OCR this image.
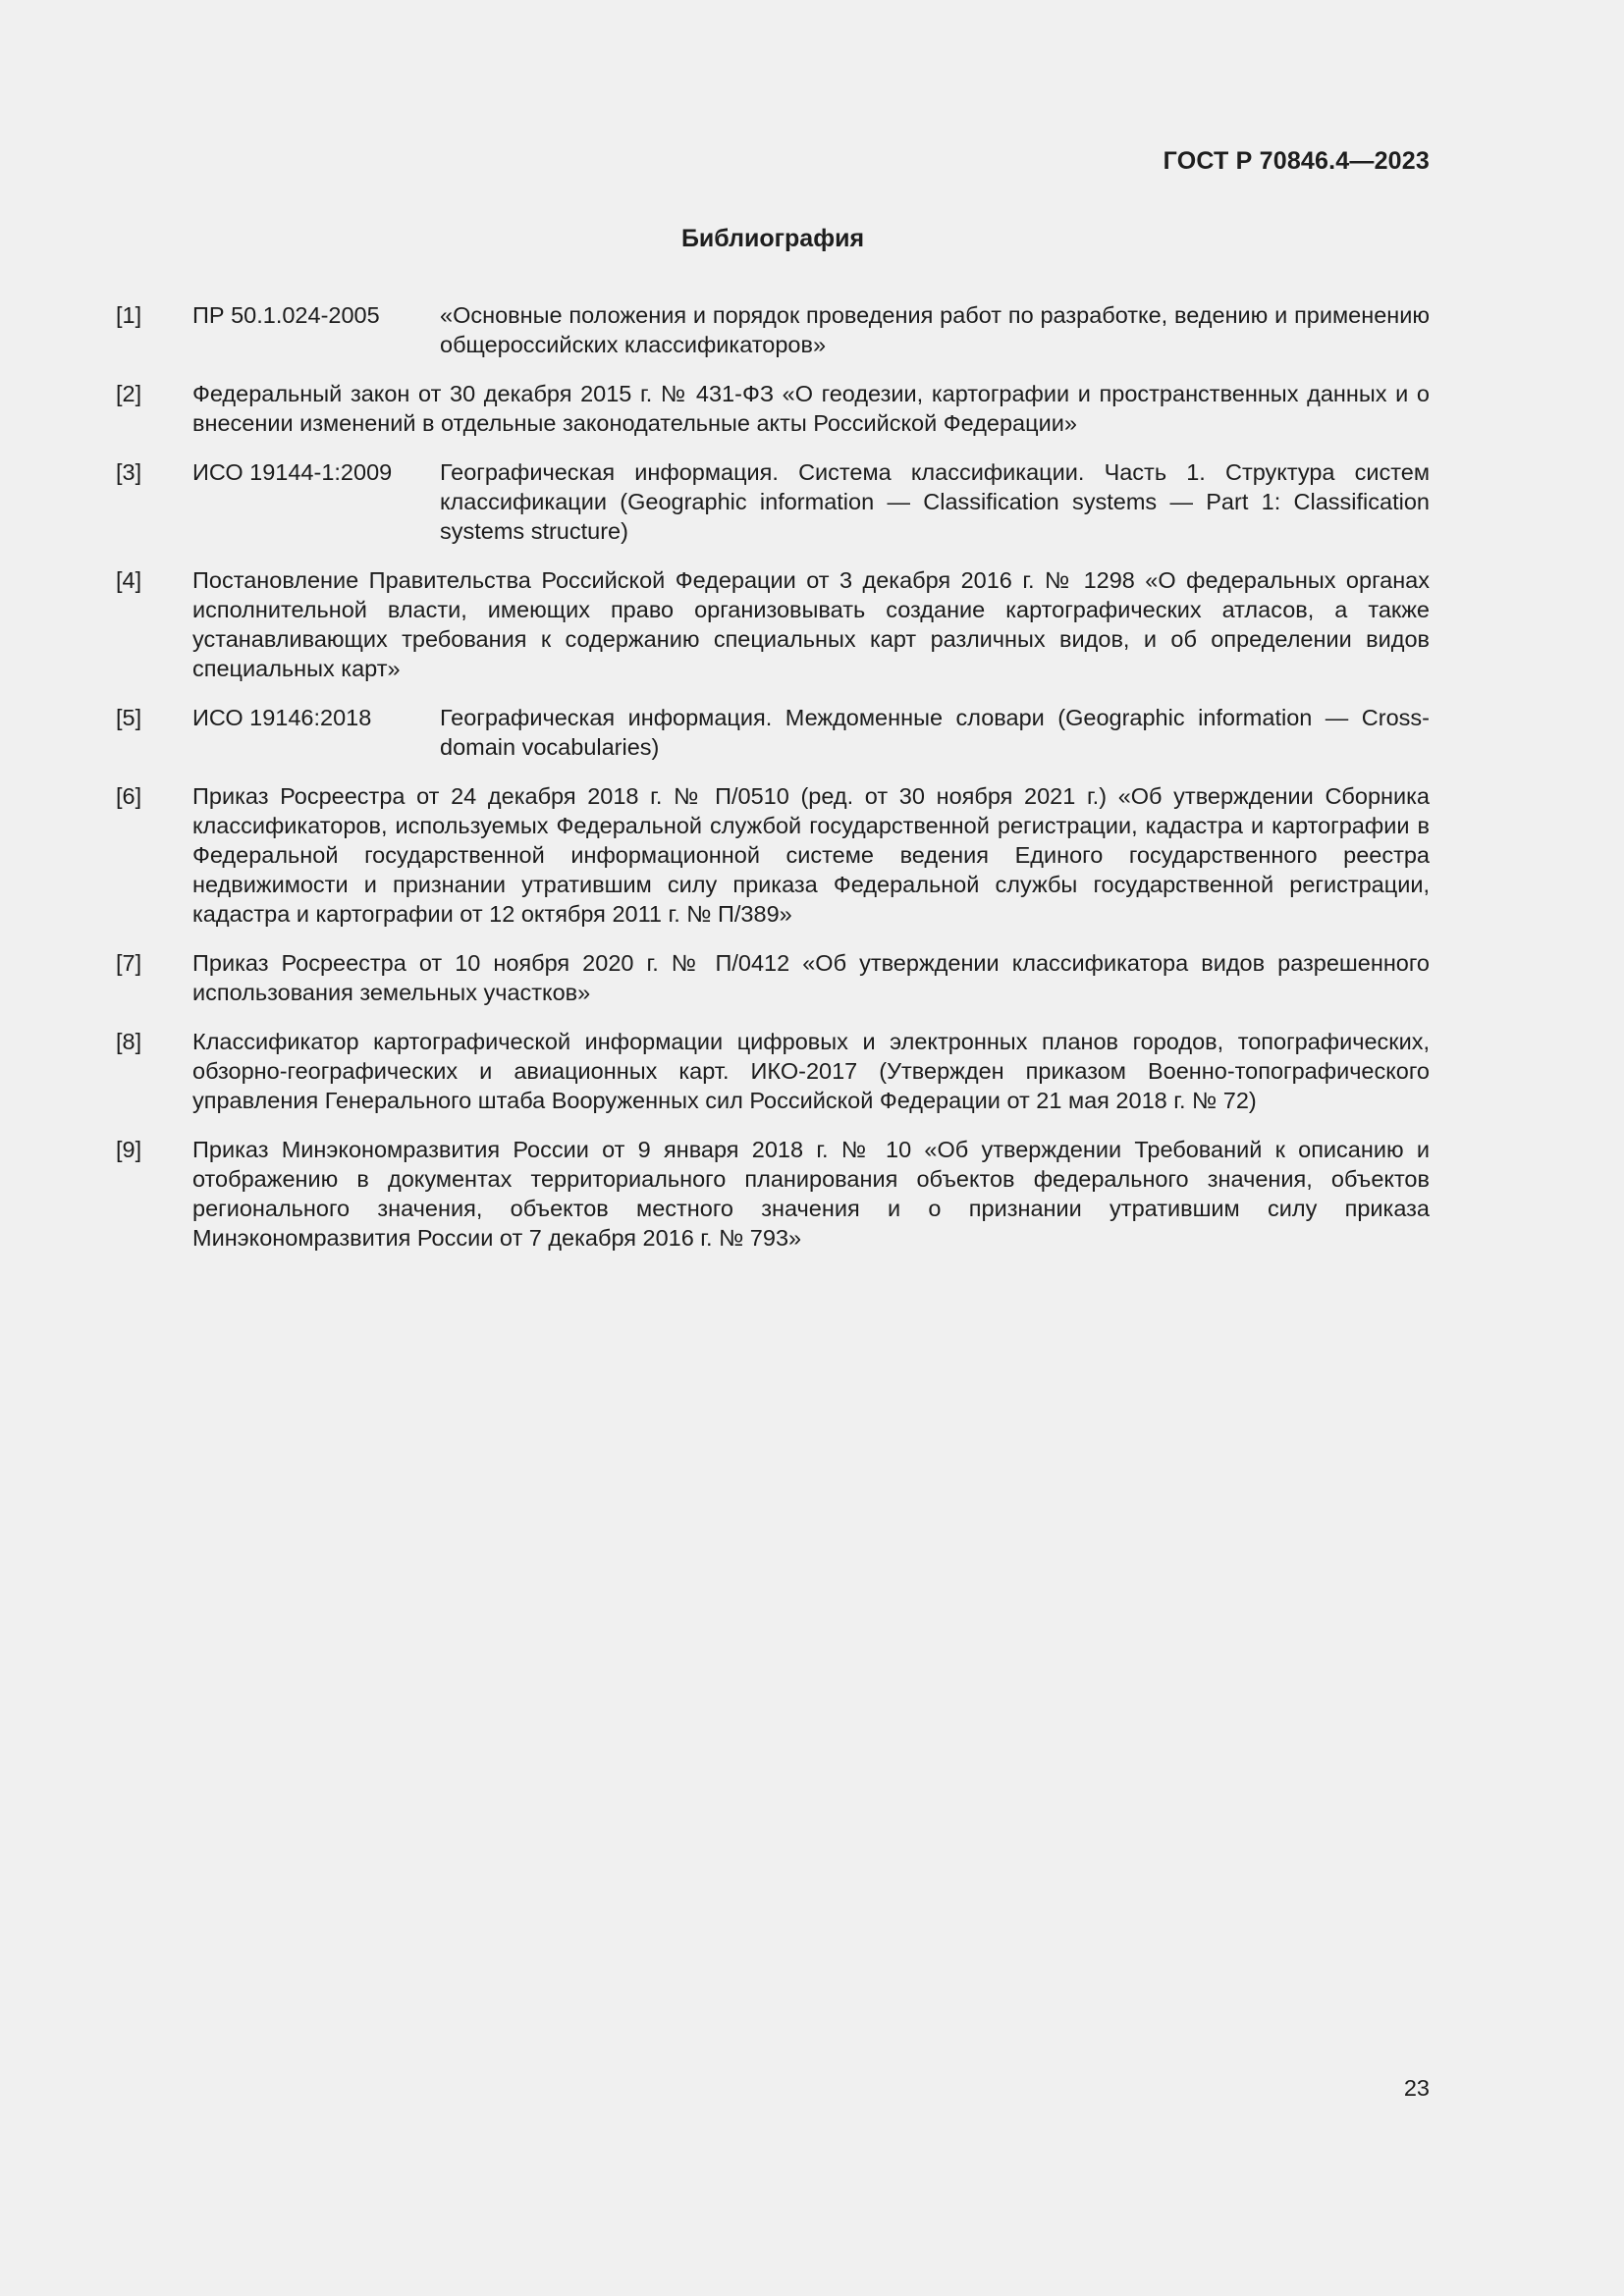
ГОСТ Р 70846.4—2023
Библиография
[1]	ПР 50.1.024-2005	«Основные положения и порядок проведения работ по разработке, ведению и применению общероссийских классификаторов»
[2]	Федеральный закон от 30 декабря 2015 г. № 431-ФЗ «О геодезии, картографии и пространственных данных и о внесении изменений в отдельные законодательные акты Российской Федерации»
[3]	ИСО 19144-1:2009	Географическая информация. Система классификации. Часть 1. Структура систем классификации (Geographic information — Classification systems — Part 1: Classification systems structure)
[4]	Постановление Правительства Российской Федерации от 3 декабря 2016 г. № 1298 «О федеральных органах исполнительной власти, имеющих право организовывать создание картографических атласов, а также устанавливающих требования к содержанию специальных карт различных видов, и об определении видов специальных карт»
[5]	ИСО 19146:2018	Географическая информация. Междоменные словари (Geographic information — Cross-domain vocabularies)
[6]	Приказ Росреестра от 24 декабря 2018 г. № П/0510 (ред. от 30 ноября 2021 г.) «Об утверждении Сборника классификаторов, используемых Федеральной службой государственной регистрации, кадастра и картографии в Федеральной государственной информационной системе ведения Единого государственного реестра недвижимости и признании утратившим силу приказа Федеральной службы государственной регистрации, кадастра и картографии от 12 октября 2011 г. № П/389»
[7]	Приказ Росреестра от 10 ноября 2020 г. № П/0412 «Об утверждении классификатора видов разрешенного использования земельных участков»
[8]	Классификатор картографической информации цифровых и электронных планов городов, топографических, обзорно-географических и авиационных карт. ИКО-2017 (Утвержден приказом Военно-топографического управления Генерального штаба Вооруженных сил Российской Федерации от 21 мая 2018 г. № 72)
[9]	Приказ Минэкономразвития России от 9 января 2018 г. № 10 «Об утверждении Требований к описанию и отображению в документах территориального планирования объектов федерального значения, объектов регионального значения, объектов местного значения и о признании утратившим силу приказа Минэкономразвития России от 7 декабря 2016 г. № 793»
23
